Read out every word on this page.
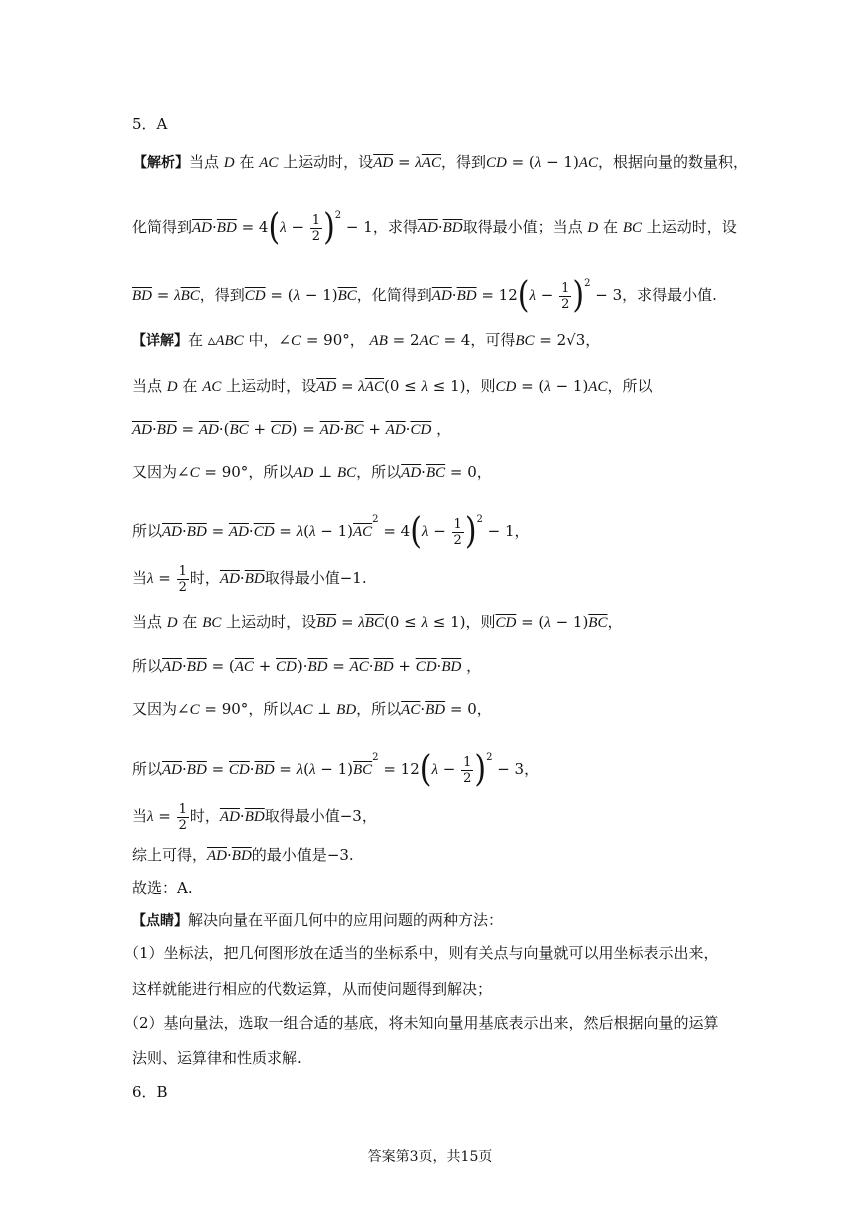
5．A
【解析】当点 D 在 AC 上运动时，设$\overline{AD} = \lambda\overline{AC}$，得到CD = (λ − 1)AC，根据向量的数量积，
化简得到$\overline{AD}\cdot\overline{BD} = 4(\lambda - \frac{1}{2} )^2 - 1$，求得$\overline{AD}\cdot\overline{BD}$取得最小值；当点 D 在 BC 上运动时，设
$\overline{BD} = \lambda\overline{BC}$，得到$\overline{CD} = (\lambda - 1)\overline{BC}$，化简得到$\overline{AD}\cdot\overline{BD} = 12(\lambda - \frac{1}{2} )^2 - 3$，求得最小值.
【详解】在 ▵ABC 中，∠C = 90°， AB = 2AC = 4，可得BC = 2√3，
当点 D 在 AC 上运动时，设$\overline{AD} = \lambda\overline{AC}(0 \le \lambda \le 1)$，则CD = (λ − 1)AC，所以
$\overline{AD}\cdot\overline{BD} = \overline{AD}\cdot(\overline{BC} + \overline{CD}) = \overline{AD}\cdot\overline{BC} + \overline{AD}\cdot\overline{CD}$ ，
又因为∠C = 90°，所以AD ⊥ BC，所以$\overline{AD}\cdot\overline{BC} = 0$，
所以$\overline{AD}\cdot\overline{BD} = \overline{AD}\cdot\overline{CD} = \lambda(\lambda - 1)\overline{AC}^2 = 4(\lambda - \frac{1}{2} )^2 - 1$，
当$\lambda = \frac{1}{2}$ 时，$\overline{AD}\cdot\overline{BD}$取得最小值−1.
当点 D 在 BC 上运动时，设$\overline{BD} = \lambda\overline{BC}(0 \le \lambda \le 1)$，则$\overline{CD} = (\lambda - 1)\overline{BC}$，
所以$\overline{AD}\cdot\overline{BD} = (\overline{AC} + \overline{CD})\cdot\overline{BD} = \overline{AC}\cdot\overline{BD} + \overline{CD}\cdot\overline{BD}$ ，
又因为∠C = 90°，所以AC ⊥ BD，所以$\overline{AC}\cdot\overline{BD} = 0$，
所以$\overline{AD}\cdot\overline{BD} = \overline{CD}\cdot\overline{BD} = \lambda(\lambda - 1)\overline{BC}^2 = 12(\lambda - \frac{1}{2} )^2 - 3$，
当$\lambda = \frac{1}{2}$ 时，$\overline{AD}\cdot\overline{BD}$取得最小值−3，
综上可得，$\overline{AD}\cdot\overline{BD}$的最小值是−3.
故选：A.
【点睛】解决向量在平面几何中的应用问题的两种方法：
（1）坐标法，把几何图形放在适当的坐标系中，则有关点与向量就可以用坐标表示出来，
这样就能进行相应的代数运算，从而使问题得到解决；
（2）基向量法，选取一组合适的基底，将未知向量用基底表示出来，然后根据向量的运算
法则、运算律和性质求解.
6．B
答案第3页，共15页
